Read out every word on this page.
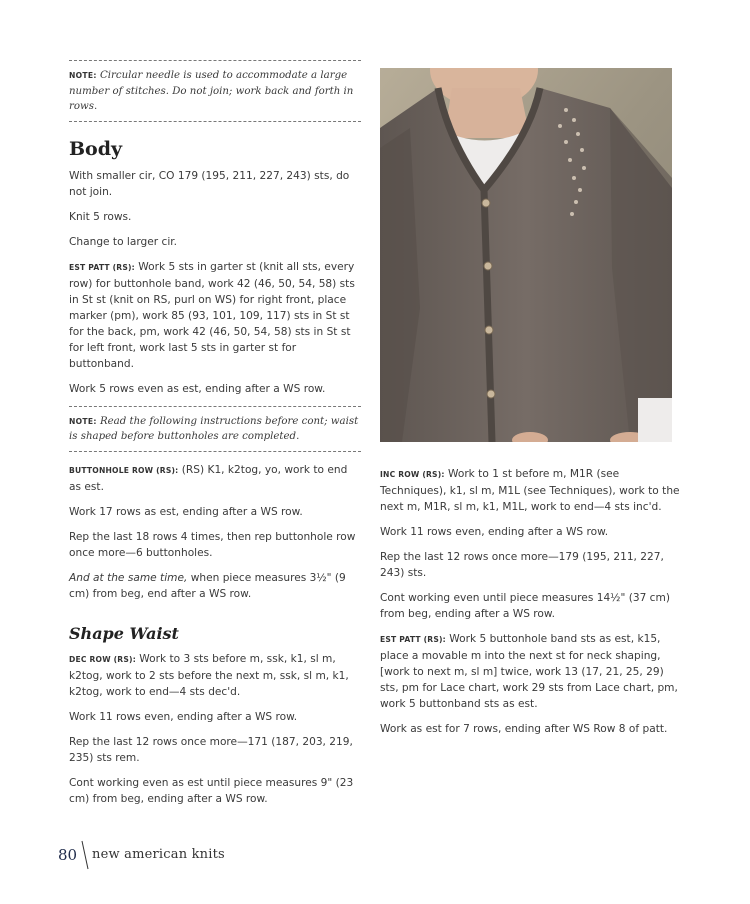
NOTE: Circular needle is used to accommodate a large number of stitches. Do not join; work back and forth in rows.

Body

With smaller cir, CO 179 (195, 211, 227, 243) sts, do not join.

Knit 5 rows.

Change to larger cir.

EST PATT (RS): Work 5 sts in garter st (knit all sts, every row) for buttonhole band, work 42 (46, 50, 54, 58) sts in St st (knit on RS, purl on WS) for right front, place marker (pm), work 85 (93, 101, 109, 117) sts in St st for the back, pm, work 42 (46, 50, 54, 58) sts in St st for left front, work last 5 sts in garter st for buttonband.

Work 5 rows even as est, ending after a WS row.

NOTE: Read the following instructions before cont; waist is shaped before buttonholes are completed.

BUTTONHOLE ROW (RS): (RS) K1, k2tog, yo, work to end as est.

Work 17 rows as est, ending after a WS row.

Rep the last 18 rows 4 times, then rep buttonhole row once more—6 buttonholes.

And at the same time, when piece measures 3½" (9 cm) from beg, end after a WS row.

Shape Waist

DEC ROW (RS): Work to 3 sts before m, ssk, k1, sl m, k2tog, work to 2 sts before the next m, ssk, sl m, k1, k2tog, work to end—4 sts dec'd.

Work 11 rows even, ending after a WS row.

Rep the last 12 rows once more—171 (187, 203, 219, 235) sts rem.

Cont working even as est until piece measures 9" (23 cm) from beg, ending after a WS row.

INC ROW (RS): Work to 1 st before m, M1R (see Techniques), k1, sl m, M1L (see Techniques), work to the next m, M1R, sl m, k1, M1L, work to end—4 sts inc'd.

Work 11 rows even, ending after a WS row.

Rep the last 12 rows once more—179 (195, 211, 227, 243) sts.

Cont working even until piece measures 14½" (37 cm) from beg, ending after a WS row.

EST PATT (RS): Work 5 buttonhole band sts as est, k15, place a movable m into the next st for neck shaping, [work to next m, sl m] twice, work 13 (17, 21, 25, 29) sts, pm for Lace chart, work 29 sts from Lace chart, pm, work 5 buttonband sts as est.

Work as est for 7 rows, ending after WS Row 8 of patt.

80 new american knits
